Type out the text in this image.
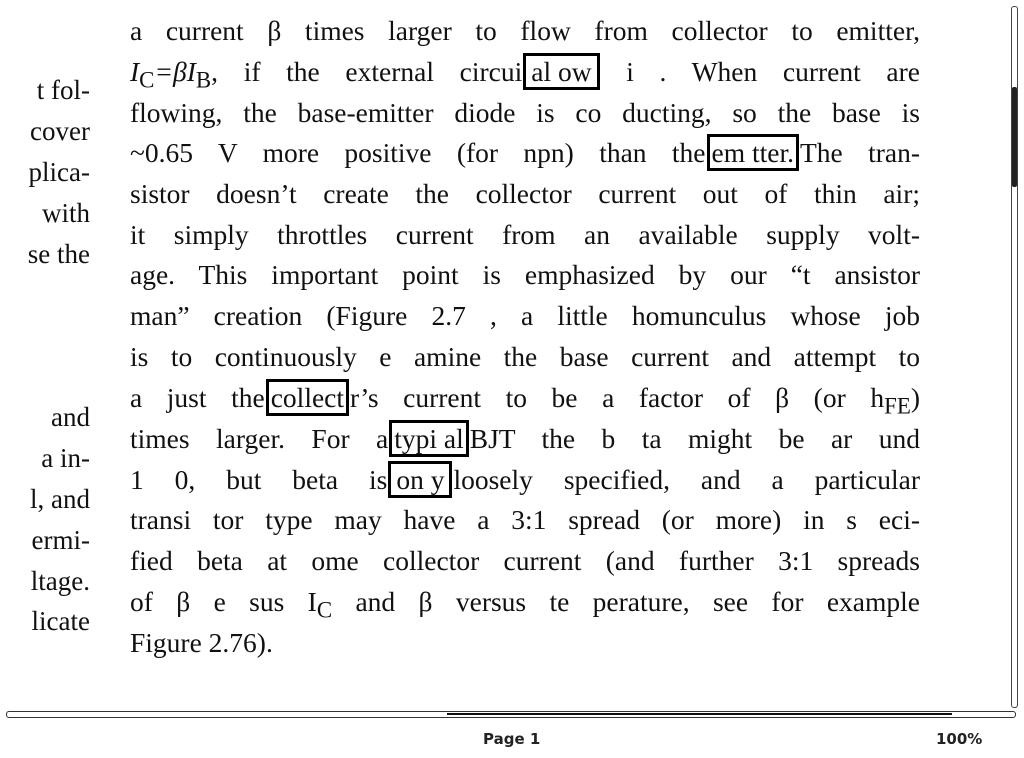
t fol-
cover
plica-
with
se the
and
a in-
l, and
ermi-
ltage.
licate
a current β times larger to flow from collector to emitter,
$I_C=\beta I_B$, if the external circui al ow i . When current are
flowing, the base-emitter diode is co ducting, so the base is
~0.65 V more positive (for npn) than the em tter. The tran-
sistor doesn’t create the collector current out of thin air;
it simply throttles current from an available supply volt-
age. This important point is emphasized by our “t ansistor
man” creation (Figure 2.7 , a little homunculus whose job
is to continuously e amine the base current and attempt to
a just the collect r’s current to be a factor of β (or $h_{FE}$)
times larger. For a typi al BJT the b ta might be ar und
1 0, but beta is on y loosely specified, and a particular
transi tor type may have a 3:1 spread (or more) in s eci-
fied beta at ome collector current (and further 3:1 spreads
of β e sus $I_C$ and β versus te perature, see for example
Figure 2.76).
Page 1	100%
